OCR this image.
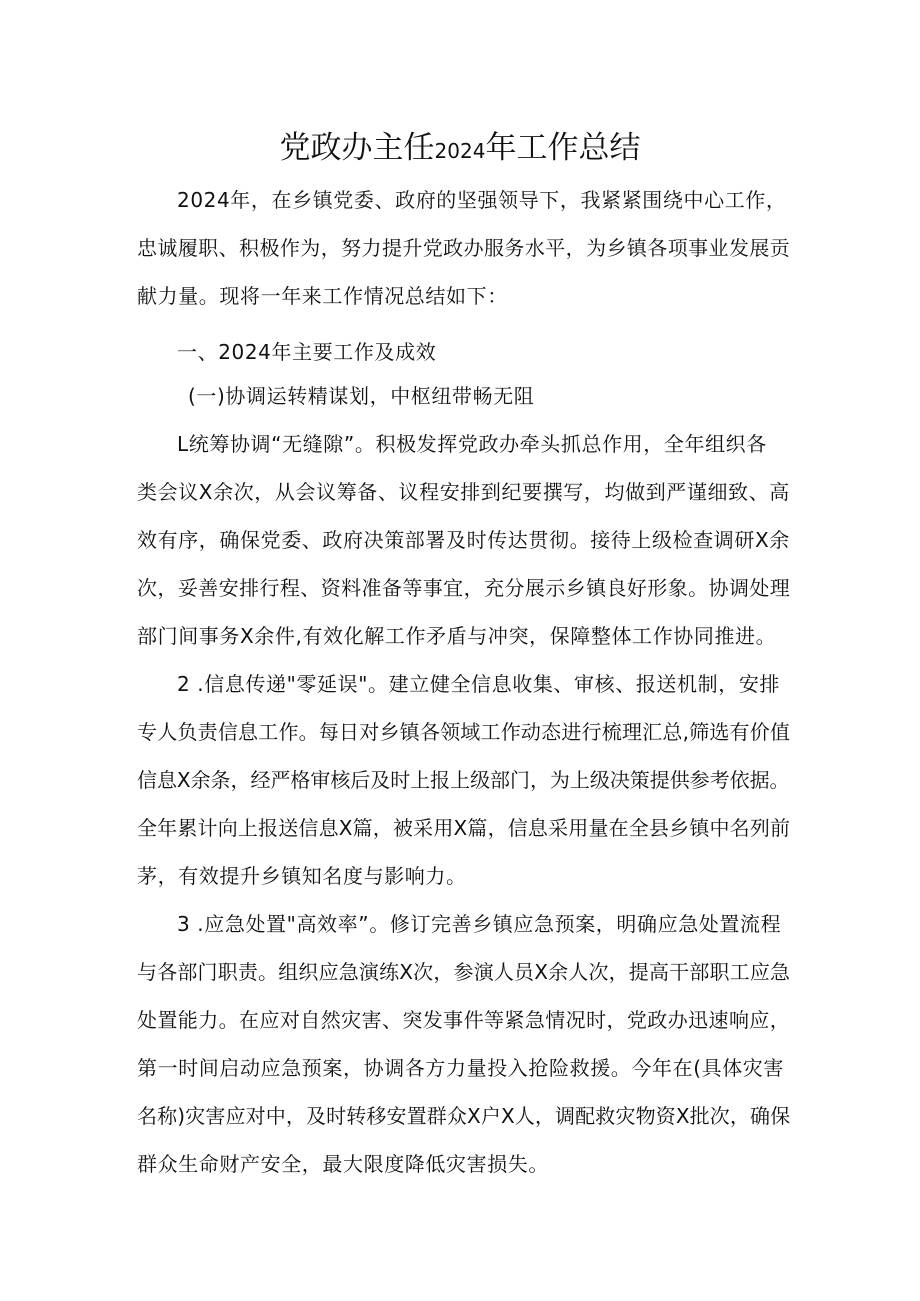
党政办主任2024年工作总结
2024年，在乡镇党委、政府的坚强领导下，我紧紧围绕中心工作，
忠诚履职、积极作为，努力提升党政办服务水平，为乡镇各项事业发展贡
献力量。现将一年来工作情况总结如下：
一、2024年主要工作及成效
(一)协调运转精谋划，中枢纽带畅无阻
L统筹协调“无缝隙”。积极发挥党政办牵头抓总作用，全年组织各
类会议X余次，从会议筹备、议程安排到纪要撰写，均做到严谨细致、高
效有序，确保党委、政府决策部署及时传达贯彻。接待上级检查调研X余
次，妥善安排行程、资料准备等事宜，充分展示乡镇良好形象。协调处理
部门间事务X余件,有效化解工作矛盾与冲突，保障整体工作协同推进。
2 .信息传递"零延误"。建立健全信息收集、审核、报送机制，安排
专人负责信息工作。每日对乡镇各领域工作动态进行梳理汇总,筛选有价值
信息X余条，经严格审核后及时上报上级部门，为上级决策提供参考依据。
全年累计向上报送信息X篇，被采用X篇，信息采用量在全县乡镇中名列前
茅，有效提升乡镇知名度与影响力。
3 .应急处置"高效率”。修订完善乡镇应急预案，明确应急处置流程
与各部门职责。组织应急演练X次，参演人员X余人次，提高干部职工应急
处置能力。在应对自然灾害、突发事件等紧急情况时，党政办迅速响应，
第一时间启动应急预案，协调各方力量投入抢险救援。今年在(具体灾害
名称)灾害应对中，及时转移安置群众X户X人，调配救灾物资X批次，确保
群众生命财产安全，最大限度降低灾害损失。
